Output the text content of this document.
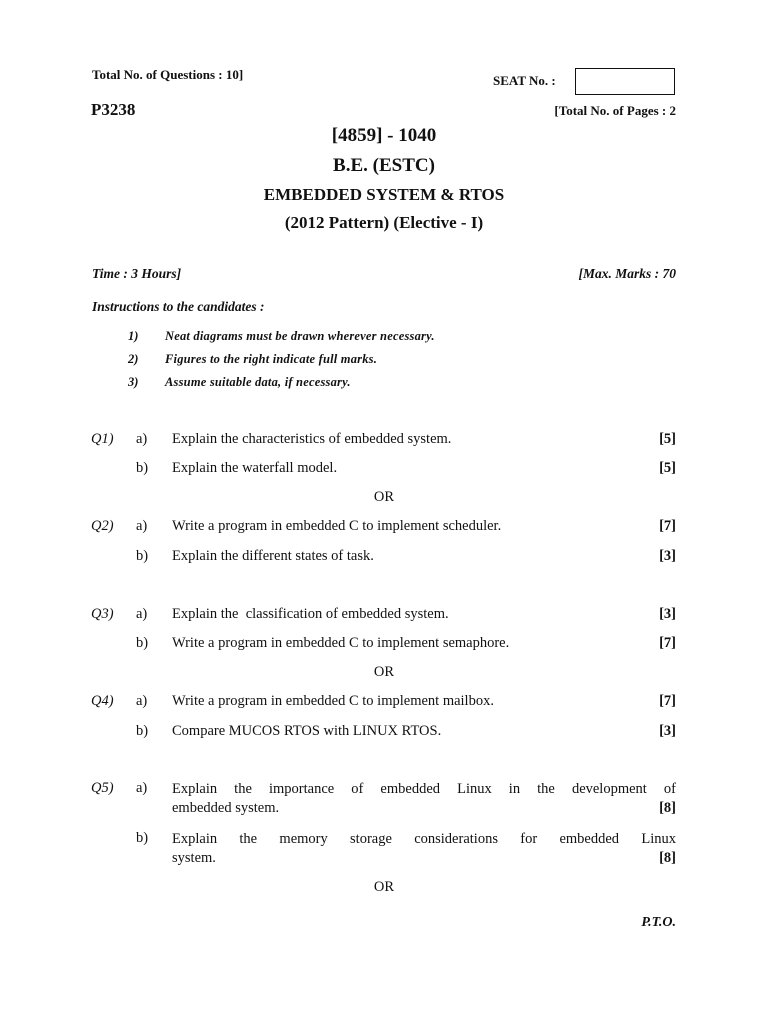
Total No. of Questions : 10]	SEAT No. :
P3238	[Total No. of Pages : 2
[4859] - 1040
B.E. (ESTC)
EMBEDDED SYSTEM & RTOS
(2012 Pattern) (Elective - I)
Time : 3 Hours]	[Max. Marks : 70
Instructions to the candidates :
1) Neat diagrams must be drawn wherever necessary.
2) Figures to the right indicate full marks.
3) Assume suitable data, if necessary.
Q1) a) Explain the characteristics of embedded system.	[5]
b) Explain the waterfall model.	[5]
OR
Q2) a) Write a program in embedded C to implement scheduler.	[7]
b) Explain the different states of task.	[3]
Q3) a) Explain the  classification of embedded system.	[3]
b) Write a program in embedded C to implement semaphore.	[7]
OR
Q4) a) Write a program in embedded C to implement mailbox.	[7]
b) Compare MUCOS RTOS with LINUX RTOS.	[3]
Q5) a) Explain the importance of embedded Linux in the development of
embedded system.	[8]
b) Explain the memory storage considerations for embedded Linux
system.	[8]
OR
P.T.O.
